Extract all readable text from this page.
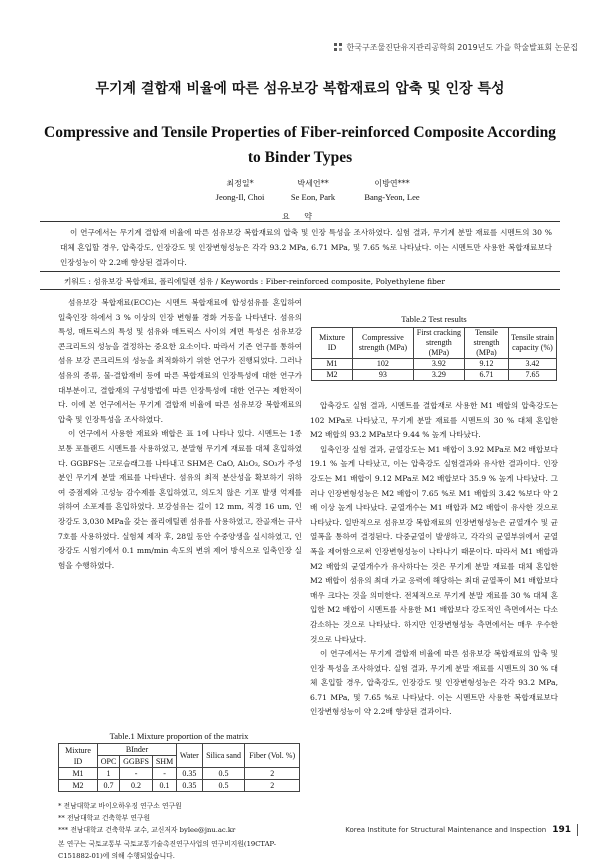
한국구조물진단유지관리공학회 2019년도 가을 학술발표회 논문집
무기계 결합재 비율에 따른 섬유보강 복합재료의 압축 및 인장 특성
Compressive and Tensile Properties of Fiber-reinforced Composite According to Binder Types
최정일*
Jeong-Il, Choi
박세언**
Se Eon, Park
이방연***
Bang-Yeon, Lee
요 약
이 연구에서는 무기계 결합재 비율에 따른 섬유보강 복합재료의 압축 및 인장 특성을 조사하였다. 실험 결과, 무기계 분말 재료를 시멘트의 30 % 대체 혼입할 경우, 압축강도, 인장강도 및 인장변형성능은 각각 93.2 MPa, 6.71 MPa, 및 7.65 %로 나타났다. 이는 시멘트만 사용한 복합재료보다 인장성능이 약 2.2배 향상된 결과이다.
키워드 : 섬유보강 복합재료, 폴리에틸렌 섬유 / Keywords : Fiber-reinforced composite, Polyethylene fiber

섬유보강 복합재료(ECC)는 시멘트 복합재료에 합성섬유를 혼입하여 일축인장 하에서 3 % 이상의 인장 변형률 경화 거동을 나타낸다. 섬유의 특성, 매트릭스의 특성 및 섬유와 매트릭스 사이의 계면 특성은 섬유보강 콘크리트의 성능을 결정하는 중요한 요소이다. 따라서 기존 연구를 통하여 섬유 보강 콘크리트의 성능을 최적화하기 위한 연구가 진행되었다. 그러나 섬유의 종류, 물-결합재비 등에 따른 복합재료의 인장특성에 대한 연구가 대부분이고, 결합재의 구성방법에 따른 인장특성에 대한 연구는 제한적이다. 이에 본 연구에서는 무기계 결합재 비율에 따른 섬유보강 복합재료의 압축 및 인장특성을 조사하였다.

이 연구에서 사용한 재료와 배합은 표 1에 나타나 있다. 시멘트는 1종 보통 포틀랜드 시멘트를 사용하였고, 분말형 무기계 재료를 대체 혼입하였다. GGBFS는 고로슬래그를 나타내고 SHM은 CaO, Al₂O₃, SO₃가 주성분인 무기계 분말 재료를 나타낸다. 섬유의 최적 분산성을 확보하기 위하여 증점제와 고성능 감수제를 혼입하였고, 의도치 않은 기포 발생 억제를 위하여 소포제를 혼입하였다. 보강섬유는 길이 12 mm, 직경 16 um, 인장강도 3,030 MPa을 갖는 폴리에틸렌 섬유를 사용하였고, 잔골재는 규사 7호를 사용하였다. 실험체 제작 후, 28일 동안 수중양생을 실시하였고, 인장강도 시험기에서 0.1 mm/min 속도의 변위 제어 방식으로 일축인장 실험을 수행하였다.

Table.2 Test results
Mixture ID	Compressive strength (MPa)	First cracking strength (MPa)	Tensile strength (MPa)	Tensile strain capacity (%)
M1	102	3.92	9.12	3.42
M2	93	3.29	6.71	7.65

압축강도 실험 결과, 시멘트를 결합재로 사용한 M1 배합의 압축강도는 102 MPa로 나타났고, 무기계 분말 재료를 시멘트의 30 % 대체 혼입한 M2 배합의 93.2 MPa보다 9.44 % 높게 나타났다.

일축인장 실험 결과, 균열강도는 M1 배합이 3.92 MPa로 M2 배합보다 19.1 % 높게 나타났고, 이는 압축강도 실험결과와 유사한 결과이다. 인장강도는 M1 배합이 9.12 MPa로 M2 배합보다 35.9 % 높게 나타났다. 그러나 인장변형성능은 M2 배합이 7.65 %로 M1 배합의 3.42 %보다 약 2배 이상 높게 나타났다. 균열개수는 M1 배합과 M2 배합이 유사한 것으로 나타났다. 일반적으로 섬유보강 복합재료의 인장변형성능은 균열개수 및 균열폭을 통하여 결정된다. 다중균열이 발생하고, 각각의 균열부위에서 균열폭을 제어함으로써 인장변형성능이 나타나기 때문이다. 따라서 M1 배합과 M2 배합의 균열개수가 유사하다는 것은 무기계 분말 재료를 대체 혼입한 M2 배합이 섬유의 최대 가교 응력에 해당하는 최대 균열폭이 M1 배합보다 매우 크다는 것을 의미한다. 전체적으로 무기계 분말 재료를 30 % 대체 혼입한 M2 배합이 시멘트를 사용한 M1 배합보다 강도적인 측면에서는 다소 감소하는 것으로 나타났다. 하지만 인장변형성능 측면에서는 매우 우수한 것으로 나타났다.

이 연구에서는 무기계 결합재 비율에 따른 섬유보강 복합재료의 압축 및 인장 특성을 조사하였다. 실험 결과, 무기계 분말 재료를 시멘트의 30 % 대체 혼입할 경우, 압축강도, 인장강도 및 인장변형성능은 각각 93.2 MPa, 6.71 MPa, 및 7.65 %로 나타났다. 이는 시멘트만 사용한 복합재료보다 인장변형성능이 약 2.2배 향상된 결과이다.

Table.1 Mixture proportion of the matrix
Mixture ID	BInder			Water	Silica sand	Fiber (Vol. %)
	OPC	GGBFS	SHM			
M1	1	-	-	0.35	0.5	2
M2	0.7	0.2	0.1	0.35	0.5	2
* 전남대학교 바이오하우징 연구소 연구원
** 전남대학교 건축학부 연구원
*** 전남대학교 건축학부 교수, 교신저자 bylee@jnu.ac.kr
본 연구는 국토교통부 국토교통기술촉진연구사업의 연구비지원(19CTAP-C151882-01)에 의해 수행되었습니다.
Korea Institute for Structural Maintenance and Inspection 191
